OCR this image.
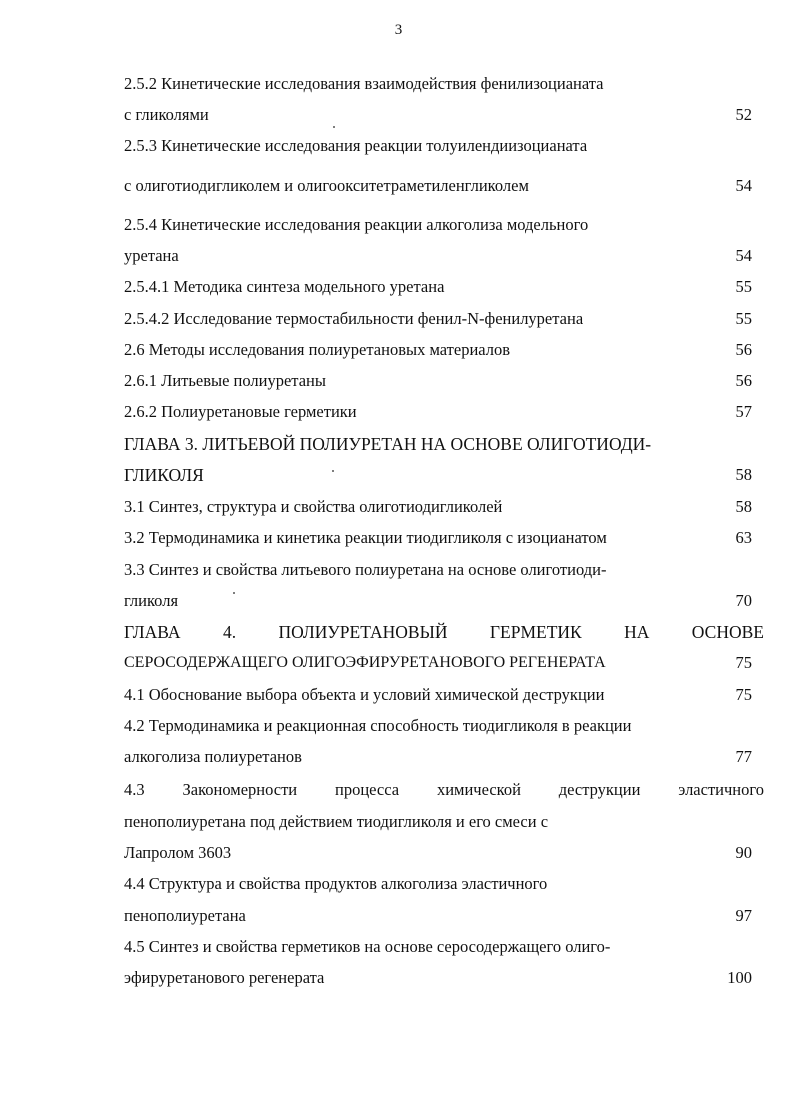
3
2.5.2 Кинетические исследования взаимодействия фенилизоцианата
с гликолями	52
2.5.3 Кинетические исследования реакции толуилендиизоцианата
с олиготиодигликолем и олигоокситетраметиленгликолем	54
2.5.4 Кинетические исследования реакции алкоголиза модельного
уретана	54
2.5.4.1 Методика синтеза модельного уретана	55
2.5.4.2 Исследование термостабильности фенил-N-фенилуретана	55
2.6 Методы исследования полиуретановых материалов	56
2.6.1 Литьевые полиуретаны	56
2.6.2 Полиуретановые герметики	57
ГЛАВА 3. ЛИТЬЕВОЙ ПОЛИУРЕТАН НА ОСНОВЕ ОЛИГОТИОДИ-
ГЛИКОЛЯ	58
3.1 Синтез, структура и свойства олиготиодигликолей	58
3.2 Термодинамика и кинетика реакции тиодигликоля с изоцианатом	63
3.3 Синтез и свойства литьевого полиуретана на основе олиготиоди-
гликоля	70
ГЛАВА 4. ПОЛИУРЕТАНОВЫЙ ГЕРМЕТИК НА ОСНОВЕ
СЕРОСОДЕРЖАЩЕГО ОЛИГОЭФИРУРЕТАНОВОГО РЕГЕНЕРАТА	75
4.1 Обоснование выбора объекта и условий химической деструкции	75
4.2 Термодинамика и реакционная способность тиодигликоля в реакции
алкоголиза полиуретанов	77
4.3 Закономерности процесса химической деструкции эластичного
пенополиуретана под действием тиодигликоля и его смеси с
Лапролом 3603	90
4.4 Структура и свойства продуктов алкоголиза эластичного
пенополиуретана	97
4.5 Синтез и свойства герметиков на основе серосодержащего олиго-
эфируретанового регенерата	100
